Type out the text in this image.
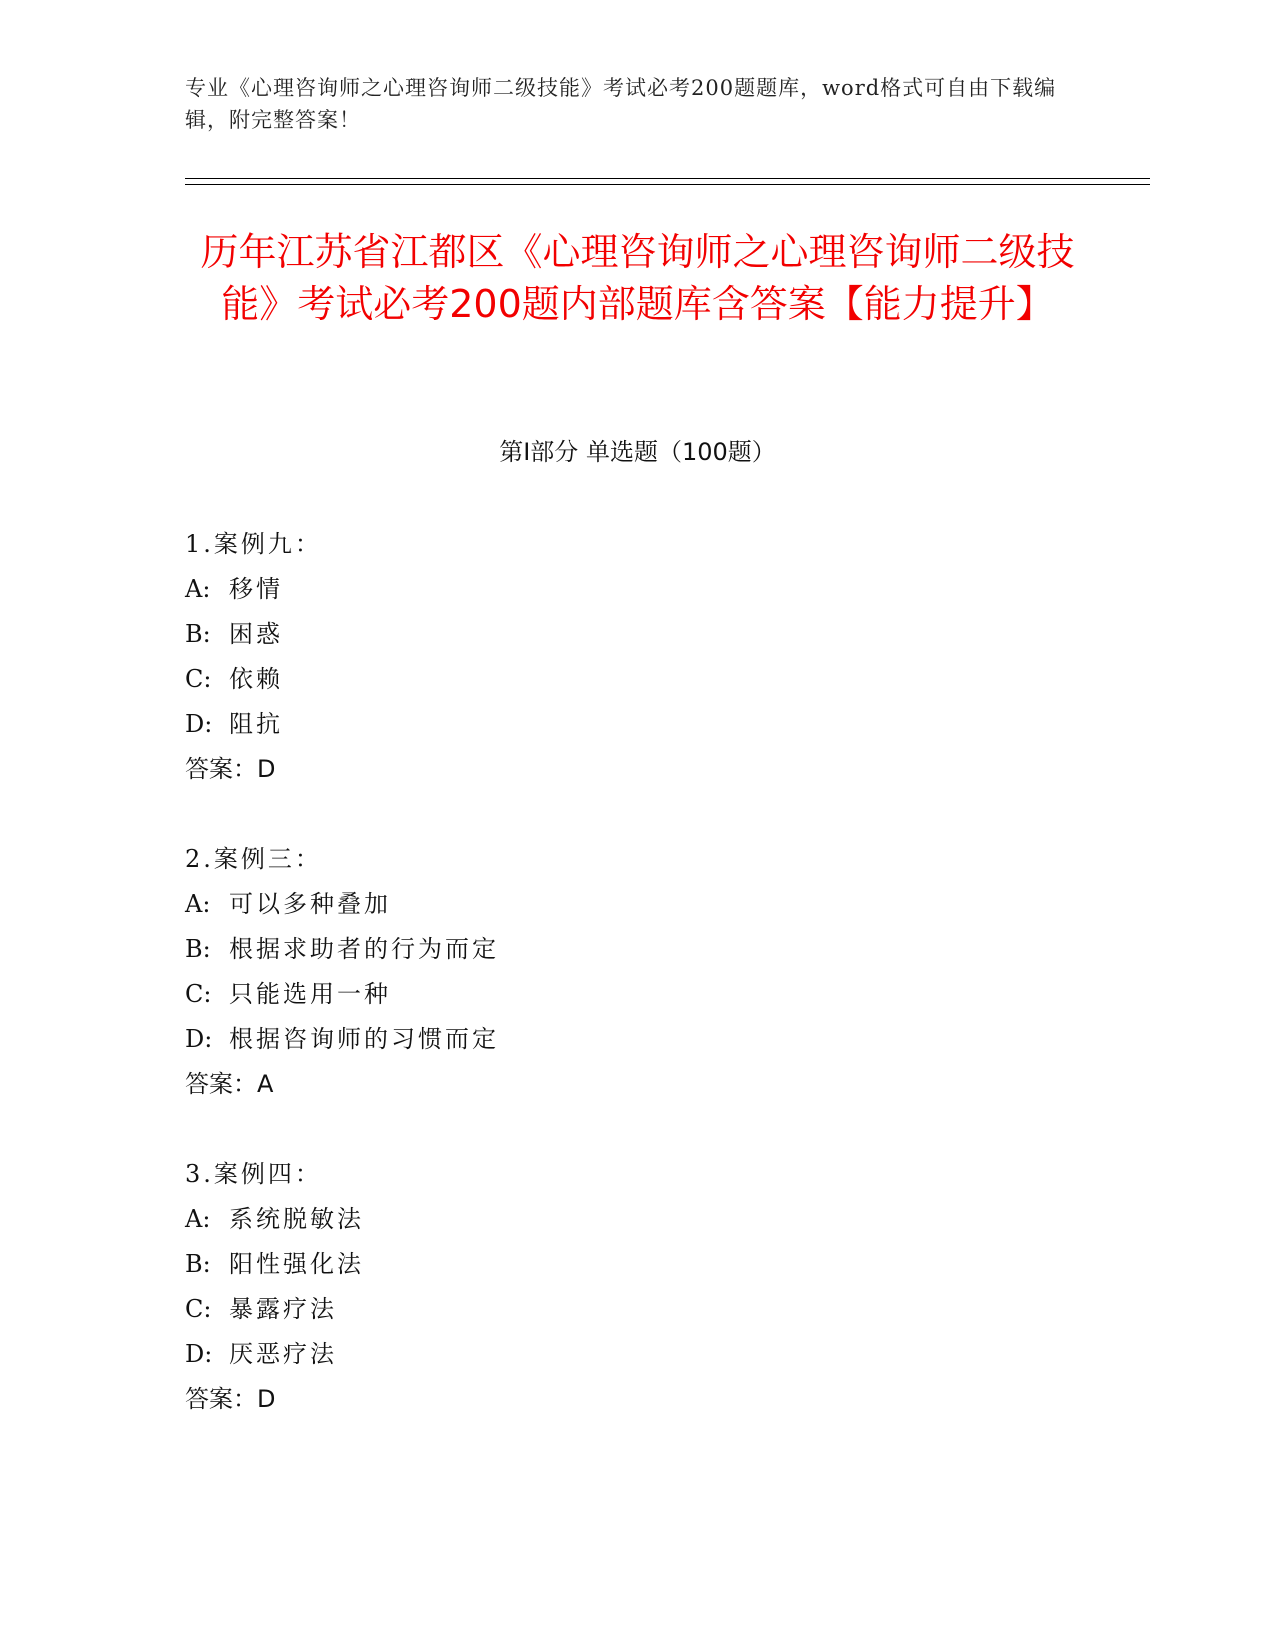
专业《心理咨询师之心理咨询师二级技能》考试必考200题题库，word格式可自由下载编辑，附完整答案！
历年江苏省江都区《心理咨询师之心理咨询师二级技能》考试必考200题内部题库含答案【能力提升】
第I部分 单选题（100题）
1.案例九：
A: 移情
B: 困惑
C: 依赖
D: 阻抗
答案：D
2.案例三：
A: 可以多种叠加
B: 根据求助者的行为而定
C: 只能选用一种
D: 根据咨询师的习惯而定
答案：A
3.案例四：
A: 系统脱敏法
B: 阳性强化法
C: 暴露疗法
D: 厌恶疗法
答案：D
